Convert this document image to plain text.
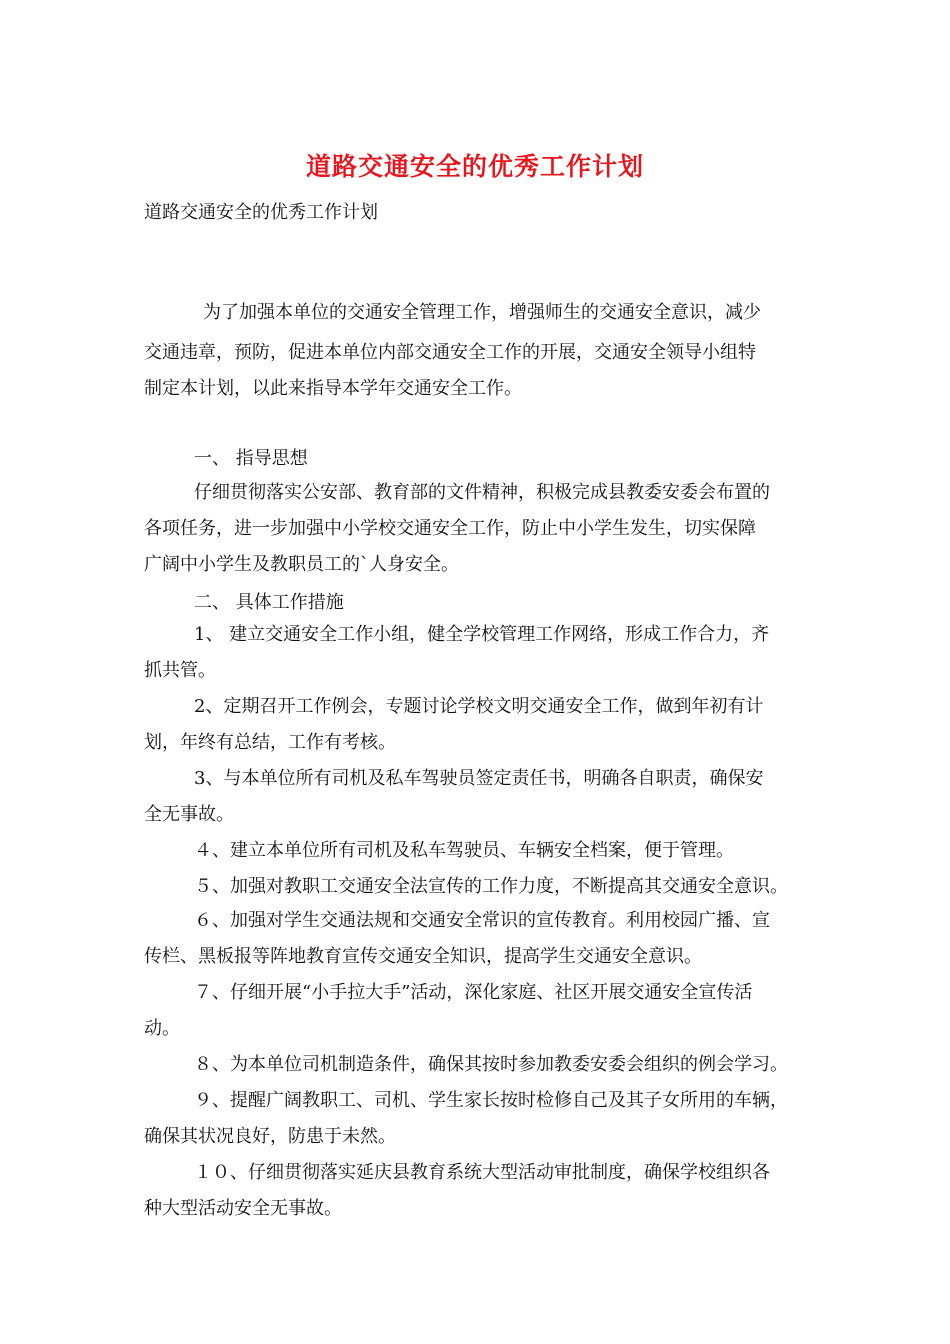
道路交通安全的优秀工作计划

道路交通安全的优秀工作计划

为了加强本单位的交通安全管理工作，增强师生的交通安全意识，减少

交通违章，预防，促进本单位内部交通安全工作的开展，交通安全领导小组特

制定本计划，以此来指导本学年交通安全工作。

一、 指导思想

仔细贯彻落实公安部、教育部的文件精神，积极完成县教委安委会布置的

各项任务，进一步加强中小学校交通安全工作，防止中小学生发生，切实保障

广阔中小学生及教职员工的`人身安全。

二、 具体工作措施

1、 建立交通安全工作小组，健全学校管理工作网络，形成工作合力，齐

抓共管。

2、定期召开工作例会，专题讨论学校文明交通安全工作，做到年初有计

划，年终有总结，工作有考核。

3、与本单位所有司机及私车驾驶员签定责任书，明确各自职责，确保安

全无事故。

４、建立本单位所有司机及私车驾驶员、车辆安全档案，便于管理。

５、加强对教职工交通安全法宣传的工作力度，不断提高其交通安全意识。

６、加强对学生交通法规和交通安全常识的宣传教育。利用校园广播、宣

传栏、黑板报等阵地教育宣传交通安全知识，提高学生交通安全意识。

７、仔细开展“小手拉大手”活动，深化家庭、社区开展交通安全宣传活

动。

８、为本单位司机制造条件，确保其按时参加教委安委会组织的例会学习。

９、提醒广阔教职工、司机、学生家长按时检修自己及其子女所用的车辆，

确保其状况良好，防患于未然。

１０、仔细贯彻落实延庆县教育系统大型活动审批制度，确保学校组织各

种大型活动安全无事故。
